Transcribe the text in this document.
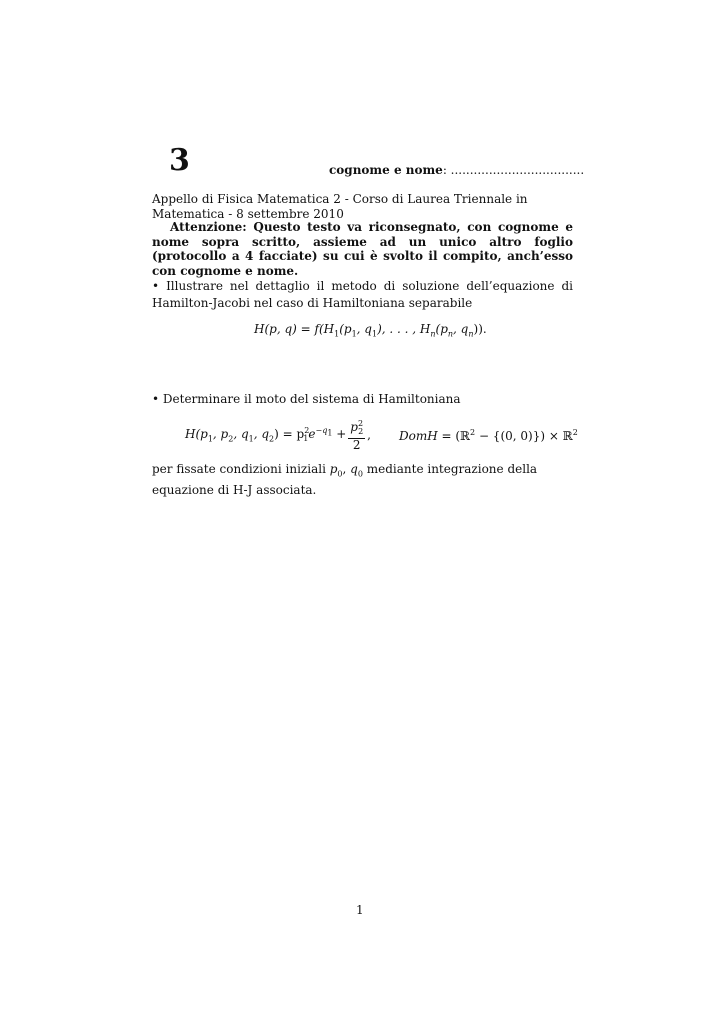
3	cognome e nome: ...................................
Appello di Fisica Matematica 2 - Corso di Laurea Triennale in Matematica - 8 settembre 2010
Attenzione: Questo testo va riconsegnato, con cognome e nome sopra scritto, assieme ad un unico altro foglio (protocollo a 4 facciate) su cui è svolto il compito, anch’esso con cognome e nome.
• Illustrare nel dettaglio il metodo di soluzione dell’equazione di Hamilton-Jacobi nel caso di Hamiltoniana separabile
H(p, $q) = f(H_1(p_1$, $q_1$), . . . , $H_n(p_n$, $q_n$)).
• Determinare il moto del sistema di Hamiltoniana
$H(p_1$, $p_2$, $q_1$, $q_2) = p^2_1e^{-q_1} + \frac{p^2_2}{2}$ , DomH = (ℝ$^2$ − {(0, 0)}) × ℝ$^2$
per fissate condizioni iniziali $p_0$, $q_0$ mediante integrazione della equazione di H-J associata.
1
